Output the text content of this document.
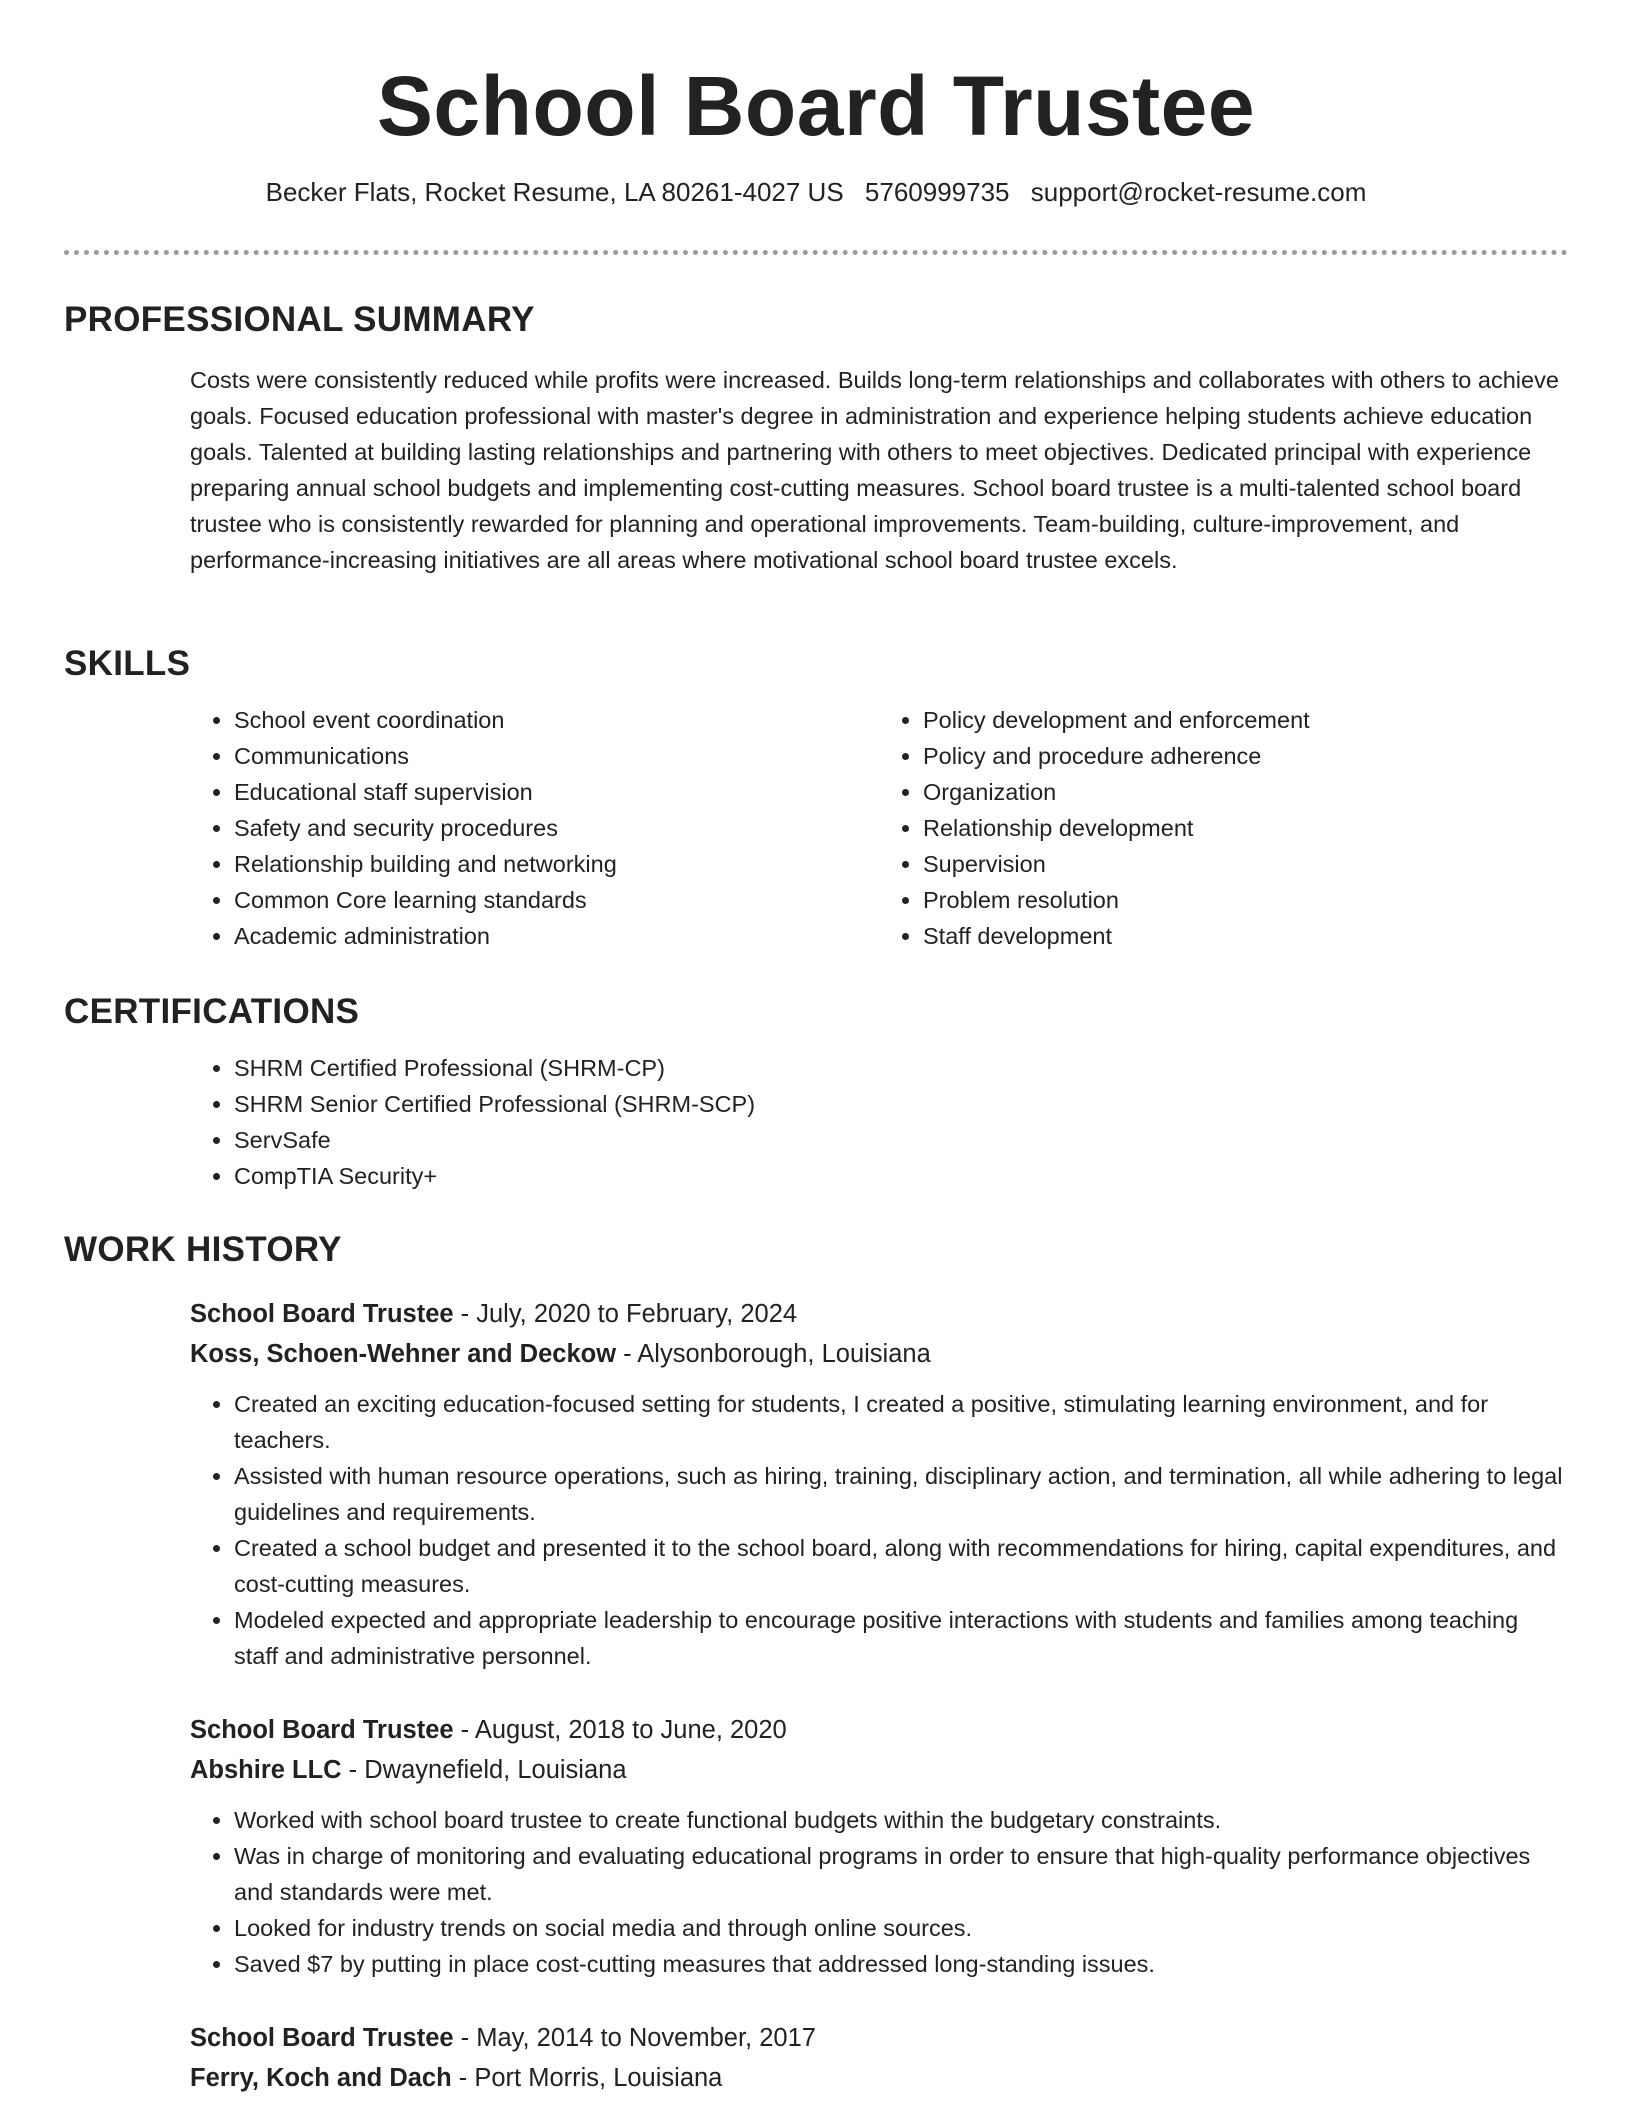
School Board Trustee
Becker Flats, Rocket Resume, LA 80261-4027 US 5760999735 support@rocket-resume.com
PROFESSIONAL SUMMARY

Costs were consistently reduced while profits were increased. Builds long-term relationships and collaborates with others to achieve goals. Focused education professional with master's degree in administration and experience helping students achieve education goals. Talented at building lasting relationships and partnering with others to meet objectives. Dedicated principal with experience preparing annual school budgets and implementing cost-cutting measures. School board trustee is a multi-talented school board trustee who is consistently rewarded for planning and operational improvements. Team-building, culture-improvement, and performance-increasing initiatives are all areas where motivational school board trustee excels.

SKILLS
• School event coordination
• Communications
• Educational staff supervision
• Safety and security procedures
• Relationship building and networking
• Common Core learning standards
• Academic administration
• Policy development and enforcement
• Policy and procedure adherence
• Organization
• Relationship development
• Supervision
• Problem resolution
• Staff development
CERTIFICATIONS
• SHRM Certified Professional (SHRM-CP)
• SHRM Senior Certified Professional (SHRM-SCP)
• ServSafe
• CompTIA Security+
WORK HISTORY
School Board Trustee - July, 2020 to February, 2024
Koss, Schoen-Wehner and Deckow - Alysonborough, Louisiana
• Created an exciting education-focused setting for students, I created a positive, stimulating learning environment, and for teachers.
• Assisted with human resource operations, such as hiring, training, disciplinary action, and termination, all while adhering to legal guidelines and requirements.
• Created a school budget and presented it to the school board, along with recommendations for hiring, capital expenditures, and cost-cutting measures.
• Modeled expected and appropriate leadership to encourage positive interactions with students and families among teaching staff and administrative personnel.
School Board Trustee - August, 2018 to June, 2020
Abshire LLC - Dwaynefield, Louisiana
• Worked with school board trustee to create functional budgets within the budgetary constraints.
• Was in charge of monitoring and evaluating educational programs in order to ensure that high-quality performance objectives and standards were met.
• Looked for industry trends on social media and through online sources.
• Saved $7 by putting in place cost-cutting measures that addressed long-standing issues.
School Board Trustee - May, 2014 to November, 2017
Ferry, Koch and Dach - Port Morris, Louisiana
